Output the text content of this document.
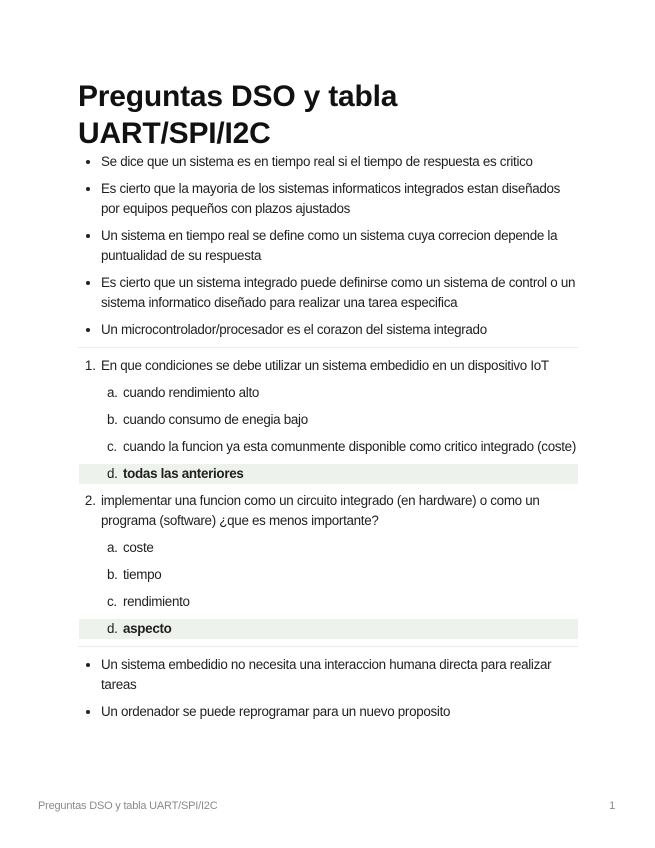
Preguntas DSO y tabla UART/SPI/I2C
Se dice que un sistema es en tiempo real si el tiempo de respuesta es critico
Es cierto que la mayoria de los sistemas informaticos integrados estan diseñados por equipos pequeños con plazos ajustados
Un sistema en tiempo real se define como un sistema cuya correcion depende la puntualidad de su respuesta
Es cierto que un sistema integrado puede definirse como un sistema de control o un sistema informatico diseñado para realizar una tarea especifica
Un microcontrolador/procesador es el corazon del sistema integrado
1. En que condiciones se debe utilizar un sistema embedidio en un dispositivo IoT
a. cuando rendimiento alto
b. cuando consumo de enegia bajo
c. cuando la funcion ya esta comunmente disponible como critico integrado (coste)
d. todas las anteriores
2. implementar una funcion como un circuito integrado (en hardware) o como un programa (software) ¿que es menos importante?
a. coste
b. tiempo
c. rendimiento
d. aspecto
Un sistema embedidio no necesita una interaccion humana directa para realizar tareas
Un ordenador se puede reprogramar para un nuevo proposito
Preguntas DSO y tabla UART/SPI/I2C	1
